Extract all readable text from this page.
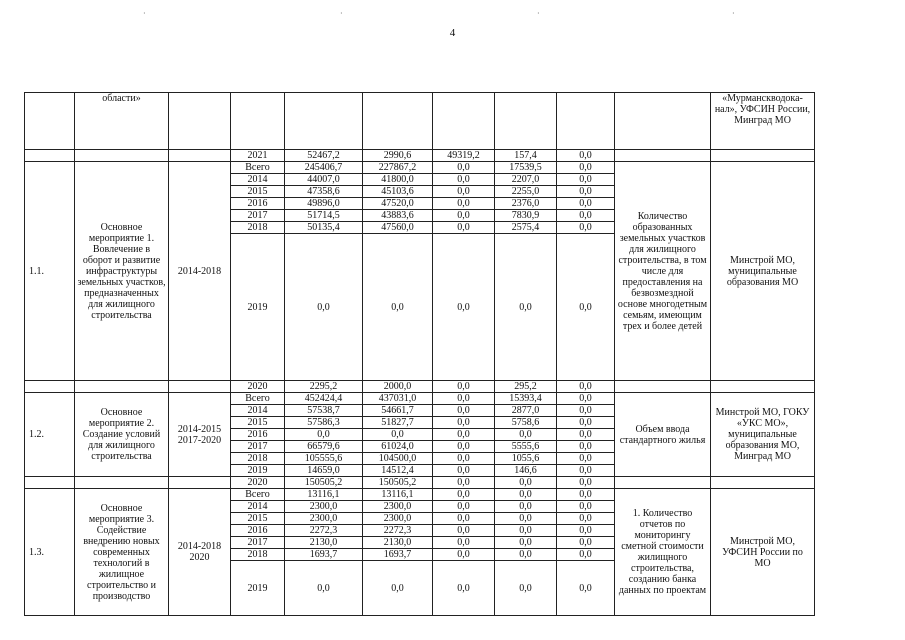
·	·	·	·
4
	области»									«Мурманскводока-нал», УФСИН России, Минград МО
			2021	52467,2	2990,6	49319,2	157,4	0,0		
1.1.	Основное мероприятие 1. Вовлечение в оборот и развитие инфраструктуры земельных участков, предназначенных для жилищного строительства	2014-2018	Всего	245406,7	227867,2	0,0	17539,5	0,0	Количество образованных земельных участков для жилищного строительства, в том числе для предоставления на безвозмездной основе многодетным семьям, имеющим трех и более детей	Минстрой МО, муниципальные образования МО
			2014	44007,0	41800,0	0,0	2207,0	0,0		
			2015	47358,6	45103,6	0,0	2255,0	0,0		
			2016	49896,0	47520,0	0,0	2376,0	0,0		
			2017	51714,5	43883,6	0,0	7830,9	0,0		
			2018	50135,4	47560,0	0,0	2575,4	0,0		
			2019	0,0	0,0	0,0	0,0	0,0		
			2020	2295,2	2000,0	0,0	295,2	0,0		
1.2.	Основное мероприятие 2. Создание условий для жилищного строительства	2014-2015 2017-2020	Всего	452424,4	437031,0	0,0	15393,4	0,0	Объем ввода стандартного жилья	Минстрой МО, ГОКУ «УКС МО», муниципальные образования МО, Минград МО
			2014	57538,7	54661,7	0,0	2877,0	0,0		
			2015	57586,3	51827,7	0,0	5758,6	0,0		
			2016	0,0	0,0	0,0	0,0	0,0		
			2017	66579,6	61024,0	0,0	5555,6	0,0		
			2018	105555,6	104500,0	0,0	1055,6	0,0		
			2019	14659,0	14512,4	0,0	146,6	0,0		
			2020	150505,2	150505,2	0,0	0,0	0,0		
1.3.	Основное мероприятие 3. Содействие внедрению новых современных технологий в жилищное строительство и производство	2014-2018 2020	Всего	13116,1	13116,1	0,0	0,0	0,0	1. Количество отчетов по мониторингу сметной стоимости жилищного строительства, созданию банка данных по проектам	Минстрой МО, УФСИН России по МО
			2014	2300,0	2300,0	0,0	0,0	0,0		
			2015	2300,0	2300,0	0,0	0,0	0,0		
			2016	2272,3	2272,3	0,0	0,0	0,0		
			2017	2130,0	2130,0	0,0	0,0	0,0		
			2018	1693,7	1693,7	0,0	0,0	0,0		
			2019	0,0	0,0	0,0	0,0	0,0		
